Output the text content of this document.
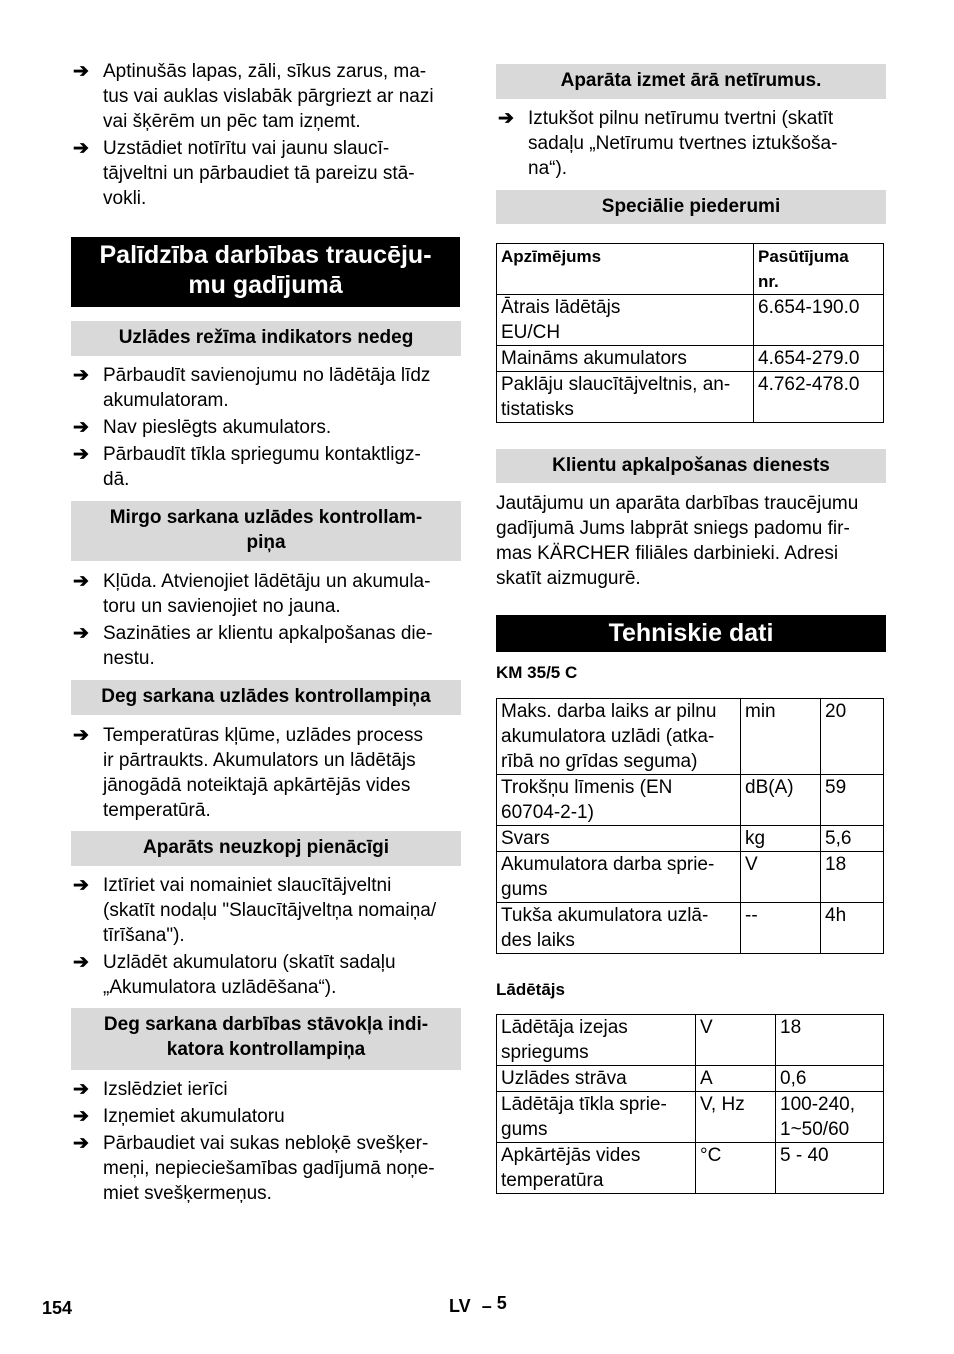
➔ Aptinušās lapas, zāli, sīkus zarus, ma-
tus vai auklas vislabāk pārgriezt ar nazi
vai šķērēm un pēc tam izņemt.
➔ Uzstādiet notīrītu vai jaunu slaucī-
tājveltni un pārbaudiet tā pareizu stā-
vokli.
Palīdzība darbības traucēju-
mu gadījumā
Uzlādes režīma indikators nedeg
➔ Pārbaudīt savienojumu no lādētāja līdz
akumulatoram.
➔ Nav pieslēgts akumulators.
➔ Pārbaudīt tīkla spriegumu kontaktligz-
dā.
Mirgo sarkana uzlādes kontrollam-
piņa
➔ Kļūda. Atvienojiet lādētāju un akumula-
toru un savienojiet no jauna.
➔ Sazināties ar klientu apkalpošanas die-
nestu.
Deg sarkana uzlādes kontrollampiņa
➔ Temperatūras kļūme, uzlādes process
ir pārtraukts. Akumulators un lādētājs
jānogādā noteiktajā apkārtējās vides
temperatūrā.
Aparāts neuzkopj pienācīgi
➔ Iztīriet vai nomainiet slaucītājveltni
(skatīt nodaļu "Slaucītājveltņa nomaiņa/
tīrīšana").
➔ Uzlādēt akumulatoru (skatīt sadaļu
„Akumulatora uzlādēšana“).
Deg sarkana darbības stāvokļa indi-
katora kontrollampiņa
➔ Izslēdziet ierīci
➔ Izņemiet akumulatoru
➔ Pārbaudiet vai sukas nebloķē svešķer-
meņi, nepieciešamības gadījumā noņe-
miet svešķermeņus.
Aparāta izmet ārā netīrumus.
➔ Iztukšot pilnu netīrumu tvertni (skatīt
sadaļu „Netīrumu tvertnes iztukšoša-
na“).
Speciālie piederumi
Apzīmējums	Pasūtījuma
nr.
Ātrais lādētājs
EU/CH	6.654-190.0
Maināms akumulators	4.654-279.0
Paklāju slaucītājveltnis, an-
tistatisks	4.762-478.0
Klientu apkalpošanas dienests

Jautājumu un aparāta darbības traucējumu
gadījumā Jums labprāt sniegs padomu fir-
mas KÄRCHER filiāles darbinieki. Adresi
skatīt aizmugurē.

Tehniskie dati
KM 35/5 C
Maks. darba laiks ar pilnu
akumulatora uzlādi (atka-
rībā no grīdas seguma)	min	20
Trokšņu līmenis (EN
60704-2-1)	dB(A)	59
Svars	kg	5,6
Akumulatora darba sprie-
gums	V	18
Tukša akumulatora uzlā-
des laiks	--	4h
Lādētājs
Lādētāja izejas
spriegums	V	18
Uzlādes strāva	A	0,6
Lādētāja tīkla sprie-
gums	V, Hz	100-240,
1~50/60
Apkārtējās vides
temperatūra	°C	5 - 40
154	LV – 5
